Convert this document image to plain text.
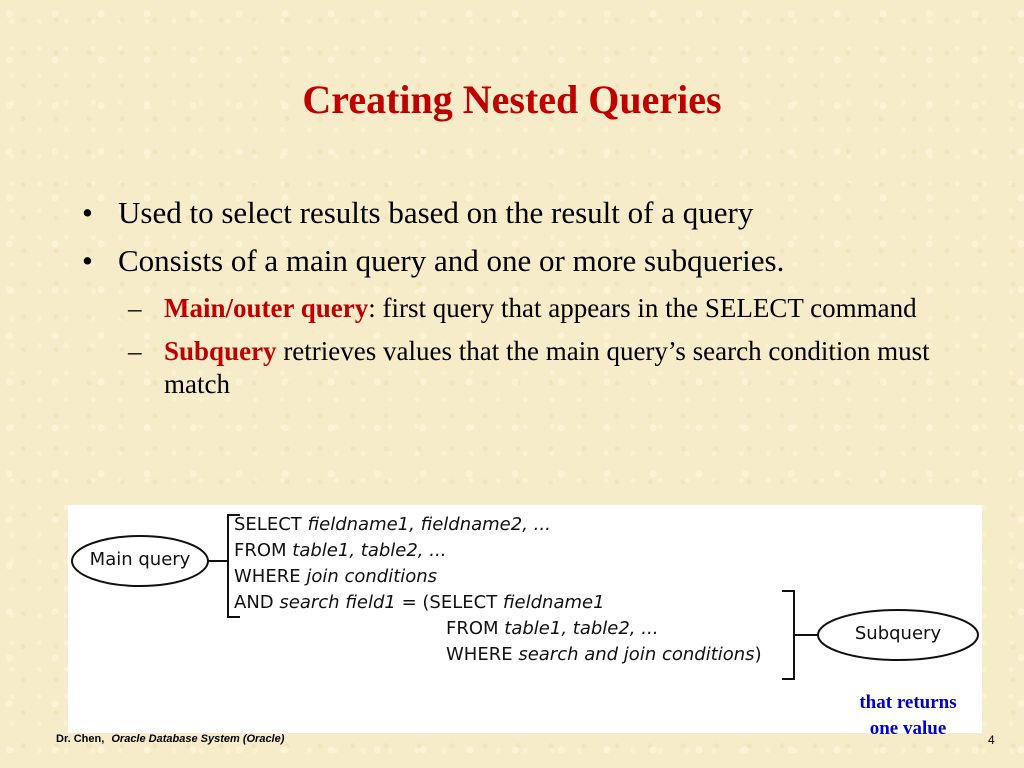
Creating Nested Queries
• Used to select results based on the result of a query
• Consists of a main query and one or more subqueries.
– Main/outer query: first query that appears in the SELECT command
– Subquery retrieves values that the main query’s search condition must match
Main query
Subquery
SELECT fieldname1, fieldname2, ...
FROM table1, table2, ...
WHERE join conditions
AND search field1 = (SELECT fieldname1
FROM table1, table2, ...
WHERE search and join conditions)
that returns
one value
Dr. Chen, Oracle Database System (Oracle)	4
